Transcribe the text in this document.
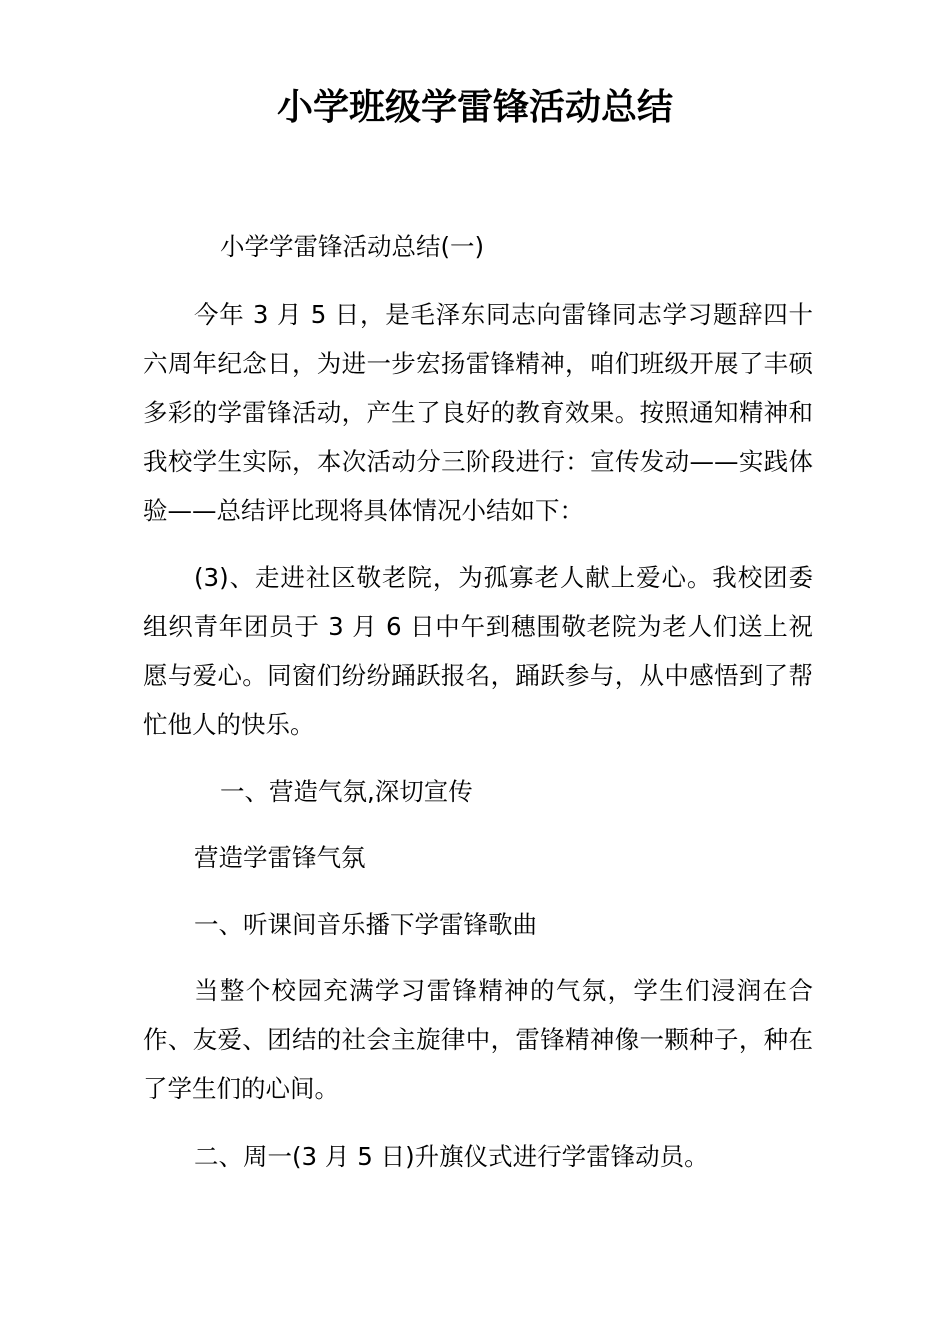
小学班级学雷锋活动总结

小学学雷锋活动总结(一)

今年 3 月 5 日，是毛泽东同志向雷锋同志学习题辞四十六周年纪念日，为进一步宏扬雷锋精神，咱们班级开展了丰硕多彩的学雷锋活动，产生了良好的教育效果。按照通知精神和我校学生实际，本次活动分三阶段进行：宣传发动——实践体验——总结评比现将具体情况小结如下：

(3)、走进社区敬老院，为孤寡老人献上爱心。我校团委组织青年团员于 3 月 6 日中午到穗围敬老院为老人们送上祝愿与爱心。同窗们纷纷踊跃报名，踊跃参与，从中感悟到了帮忙他人的快乐。

一、营造气氛,深切宣传

营造学雷锋气氛

一、听课间音乐播下学雷锋歌曲

当整个校园充满学习雷锋精神的气氛，学生们浸润在合作、友爱、团结的社会主旋律中，雷锋精神像一颗种子，种在了学生们的心间。

二、周一(3 月 5 日)升旗仪式进行学雷锋动员。
